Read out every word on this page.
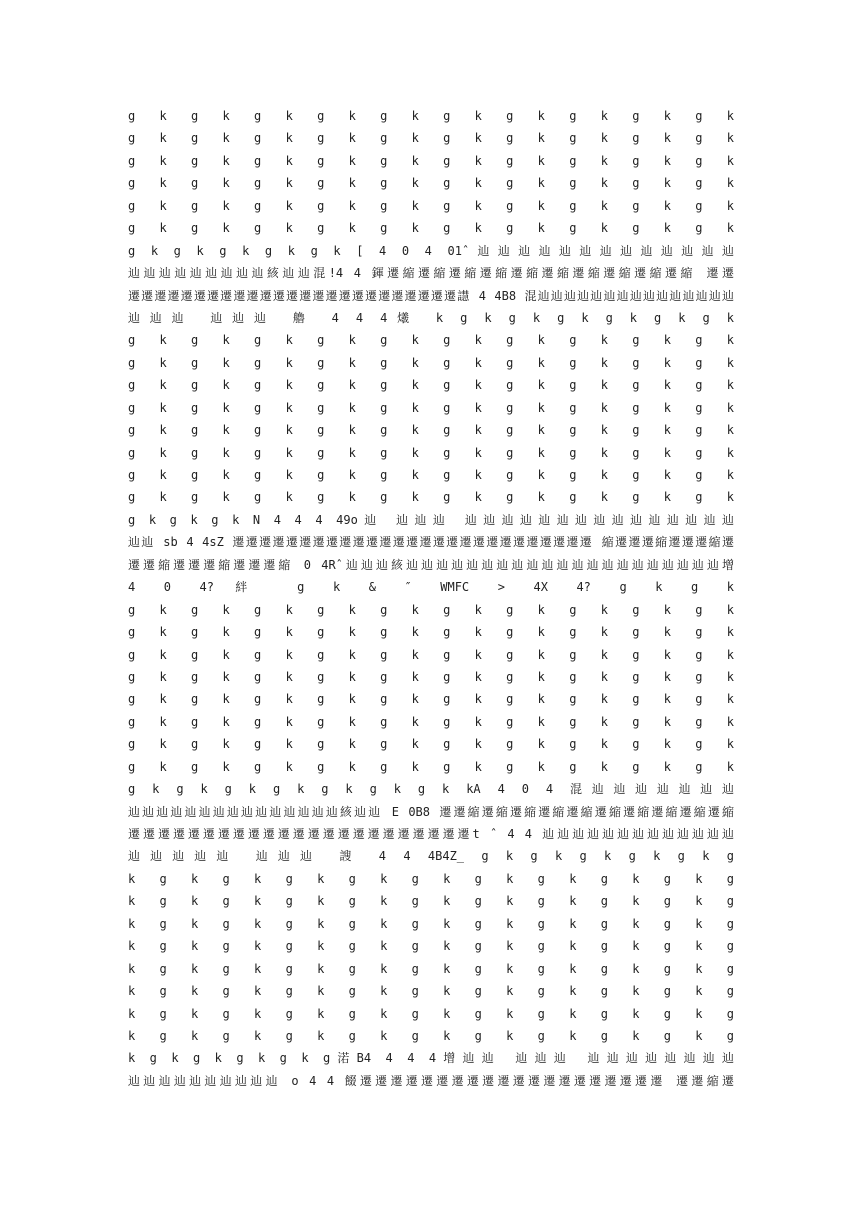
g k g k g k g k g k g k g k g k g k g k
g k g k g k g k g k g k g k g k g k g k
g k g k g k g k g k g k g k g k g k g k
g k g k g k g k g k g k g k g k g k g k
g k g k g k g k g k g k g k g k g k g k
g k g k g k g k g k g k g k g k g k g k
g k g k g k g k g k [ 4 0 4 01ˆ辿辿辿辿辿辿辿辿辿辿辿辿辿
辿辿辿辿辿辿辿辿辿絯辿辿混!4 4 鍕遷縮遷縮遷縮遷縮遷縮遷縮遷縮遷縮遷縮遷縮 遷遷
遷遷遷遷遷遷遷遷遷遷遷遷遷遷遷遷遷遷遷遷遷遷遷遷遷譿 4 4B8 混辿辿辿辿辿辿辿辿辿辿辿辿辿辿辿
辿辿辿 辿辿辿 艪 4 4 4爔 k g k g k g k g k g k g k
g k g k g k g k g k g k g k g k g k g k
g k g k g k g k g k g k g k g k g k g k
g k g k g k g k g k g k g k g k g k g k
g k g k g k g k g k g k g k g k g k g k
g k g k g k g k g k g k g k g k g k g k
g k g k g k g k g k g k g k g k g k g k
g k g k g k g k g k g k g k g k g k g k
g k g k g k g k g k g k g k g k g k g k
g k g k g k N 4 4 4 49o辿 辿辿辿 辿辿辿辿辿辿辿辿辿辿辿辿辿辿辿
辿辿 sb 4 4sZ 遷遷遷遷遷遷遷遷遷遷遷遷遷遷遷遷遷遷遷遷遷遷遷遷遷遷遷 縮遷遷遷縮遷遷遷縮遷
遷遷縮遷遷遷縮遷遷遷縮 0 4Rˆ辿辿辿絯辿辿辿辿辿辿辿辿辿辿辿辿辿辿辿辿辿辿辿辿辿增
4 0 4?絆 g k & ″ WMFC > 4X 4? g k g k
g k g k g k g k g k g k g k g k g k g k
g k g k g k g k g k g k g k g k g k g k
g k g k g k g k g k g k g k g k g k g k
g k g k g k g k g k g k g k g k g k g k
g k g k g k g k g k g k g k g k g k g k
g k g k g k g k g k g k g k g k g k g k
g k g k g k g k g k g k g k g k g k g k
g k g k g k g k g k g k g k g k g k g k
g k g k g k g k g k g k g k kA 4 0 4 混辿辿辿辿辿辿辿
辿辿辿辿辿辿辿辿辿辿辿辿辿辿辿絯辿辿 E 0B8 遷遷縮遷縮遷縮遷縮遷縮遷縮遷縮遷縮遷縮遷縮
遷遷遷遷遷遷遷遷遷遷遷遷遷遷遷遷遷遷遷遷遷遷遷t ˆ 4 4 辿辿辿辿辿辿辿辿辿辿辿辿辿
辿辿辿辿辿 辿辿辿 謏 4 4 4B4Z_ g k g k g k g k g k g
k g k g k g k g k g k g k g k g k g k g
k g k g k g k g k g k g k g k g k g k g
k g k g k g k g k g k g k g k g k g k g
k g k g k g k g k g k g k g k g k g k g
k g k g k g k g k g k g k g k g k g k g
k g k g k g k g k g k g k g k g k g k g
k g k g k g k g k g k g k g k g k g k g
k g k g k g k g k g k g k g k g k g k g
k g k g k g k g k g渃B4 4 4 4增辿辿 辿辿辿 辿辿辿辿辿辿辿辿
辿辿辿辿辿辿辿辿辿辿 o 4 4 餟遷遷遷遷遷遷遷遷遷遷遷遷遷遷遷遷遷遷遷遷 遷遷縮遷
